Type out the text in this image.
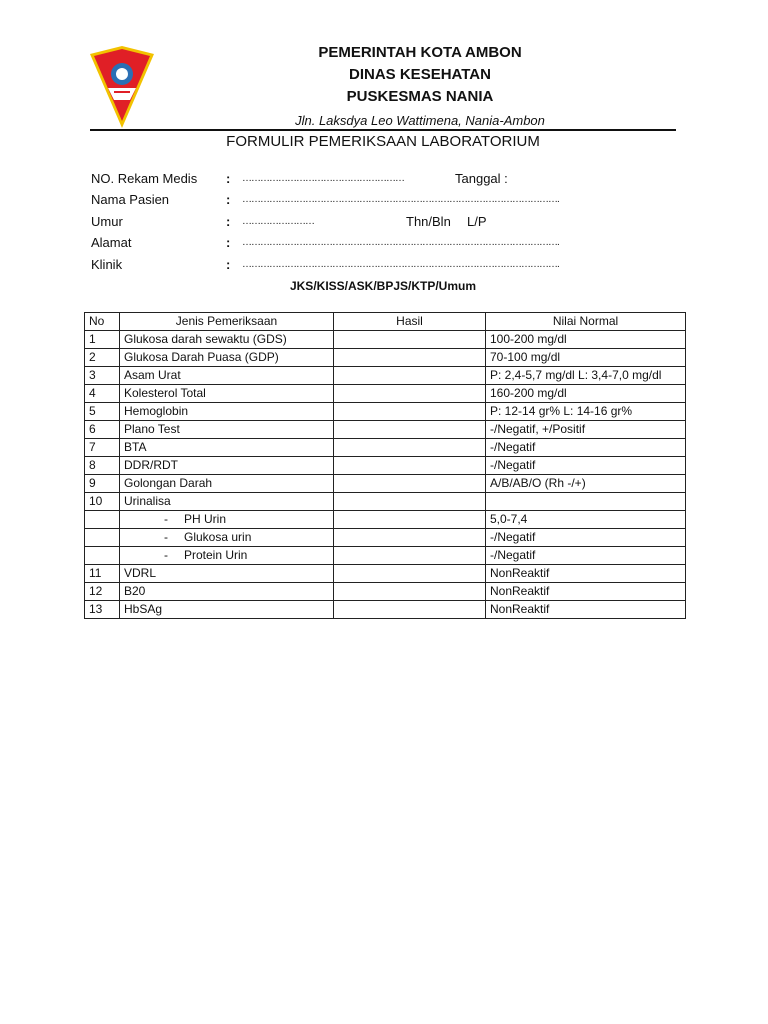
PEMERINTAH KOTA AMBON
DINAS KESEHATAN
PUSKESMAS NANIA
Jln. Laksdya Leo Wattimena, Nania-Ambon
FORMULIR PEMERIKSAAN LABORATORIUM
NO. Rekam Medis : ………………………………………………	Tanggal :
Nama Pasien	: …………………………………………………………………………………………….
Umur	: ……………………	Thn/Bln L/P
Alamat	: …………………………………………………………………………………………….
Klinik	: …………………………………………………………………………………………….
JKS/KISS/ASK/BPJS/KTP/Umum
No	Jenis Pemeriksaan	Hasil	Nilai Normal
1	Glukosa darah sewaktu (GDS)		100-200 mg/dl
2	Glukosa Darah Puasa (GDP)		70-100 mg/dl
3	Asam Urat		P: 2,4-5,7 mg/dl L: 3,4-7,0 mg/dl
4	Kolesterol Total		160-200 mg/dl
5	Hemoglobin		P: 12-14 gr% L: 14-16 gr%
6	Plano Test		-/Negatif, +/Positif
7	BTA		-/Negatif
8	DDR/RDT		-/Negatif
9	Golongan Darah		A/B/AB/O (Rh -/+)
10	Urinalisa		
	- PH Urin		5,0-7,4
	- Glukosa urin		-/Negatif
	- Protein Urin		-/Negatif
11	VDRL		NonReaktif
12	B20		NonReaktif
13	HbSAg		NonReaktif
